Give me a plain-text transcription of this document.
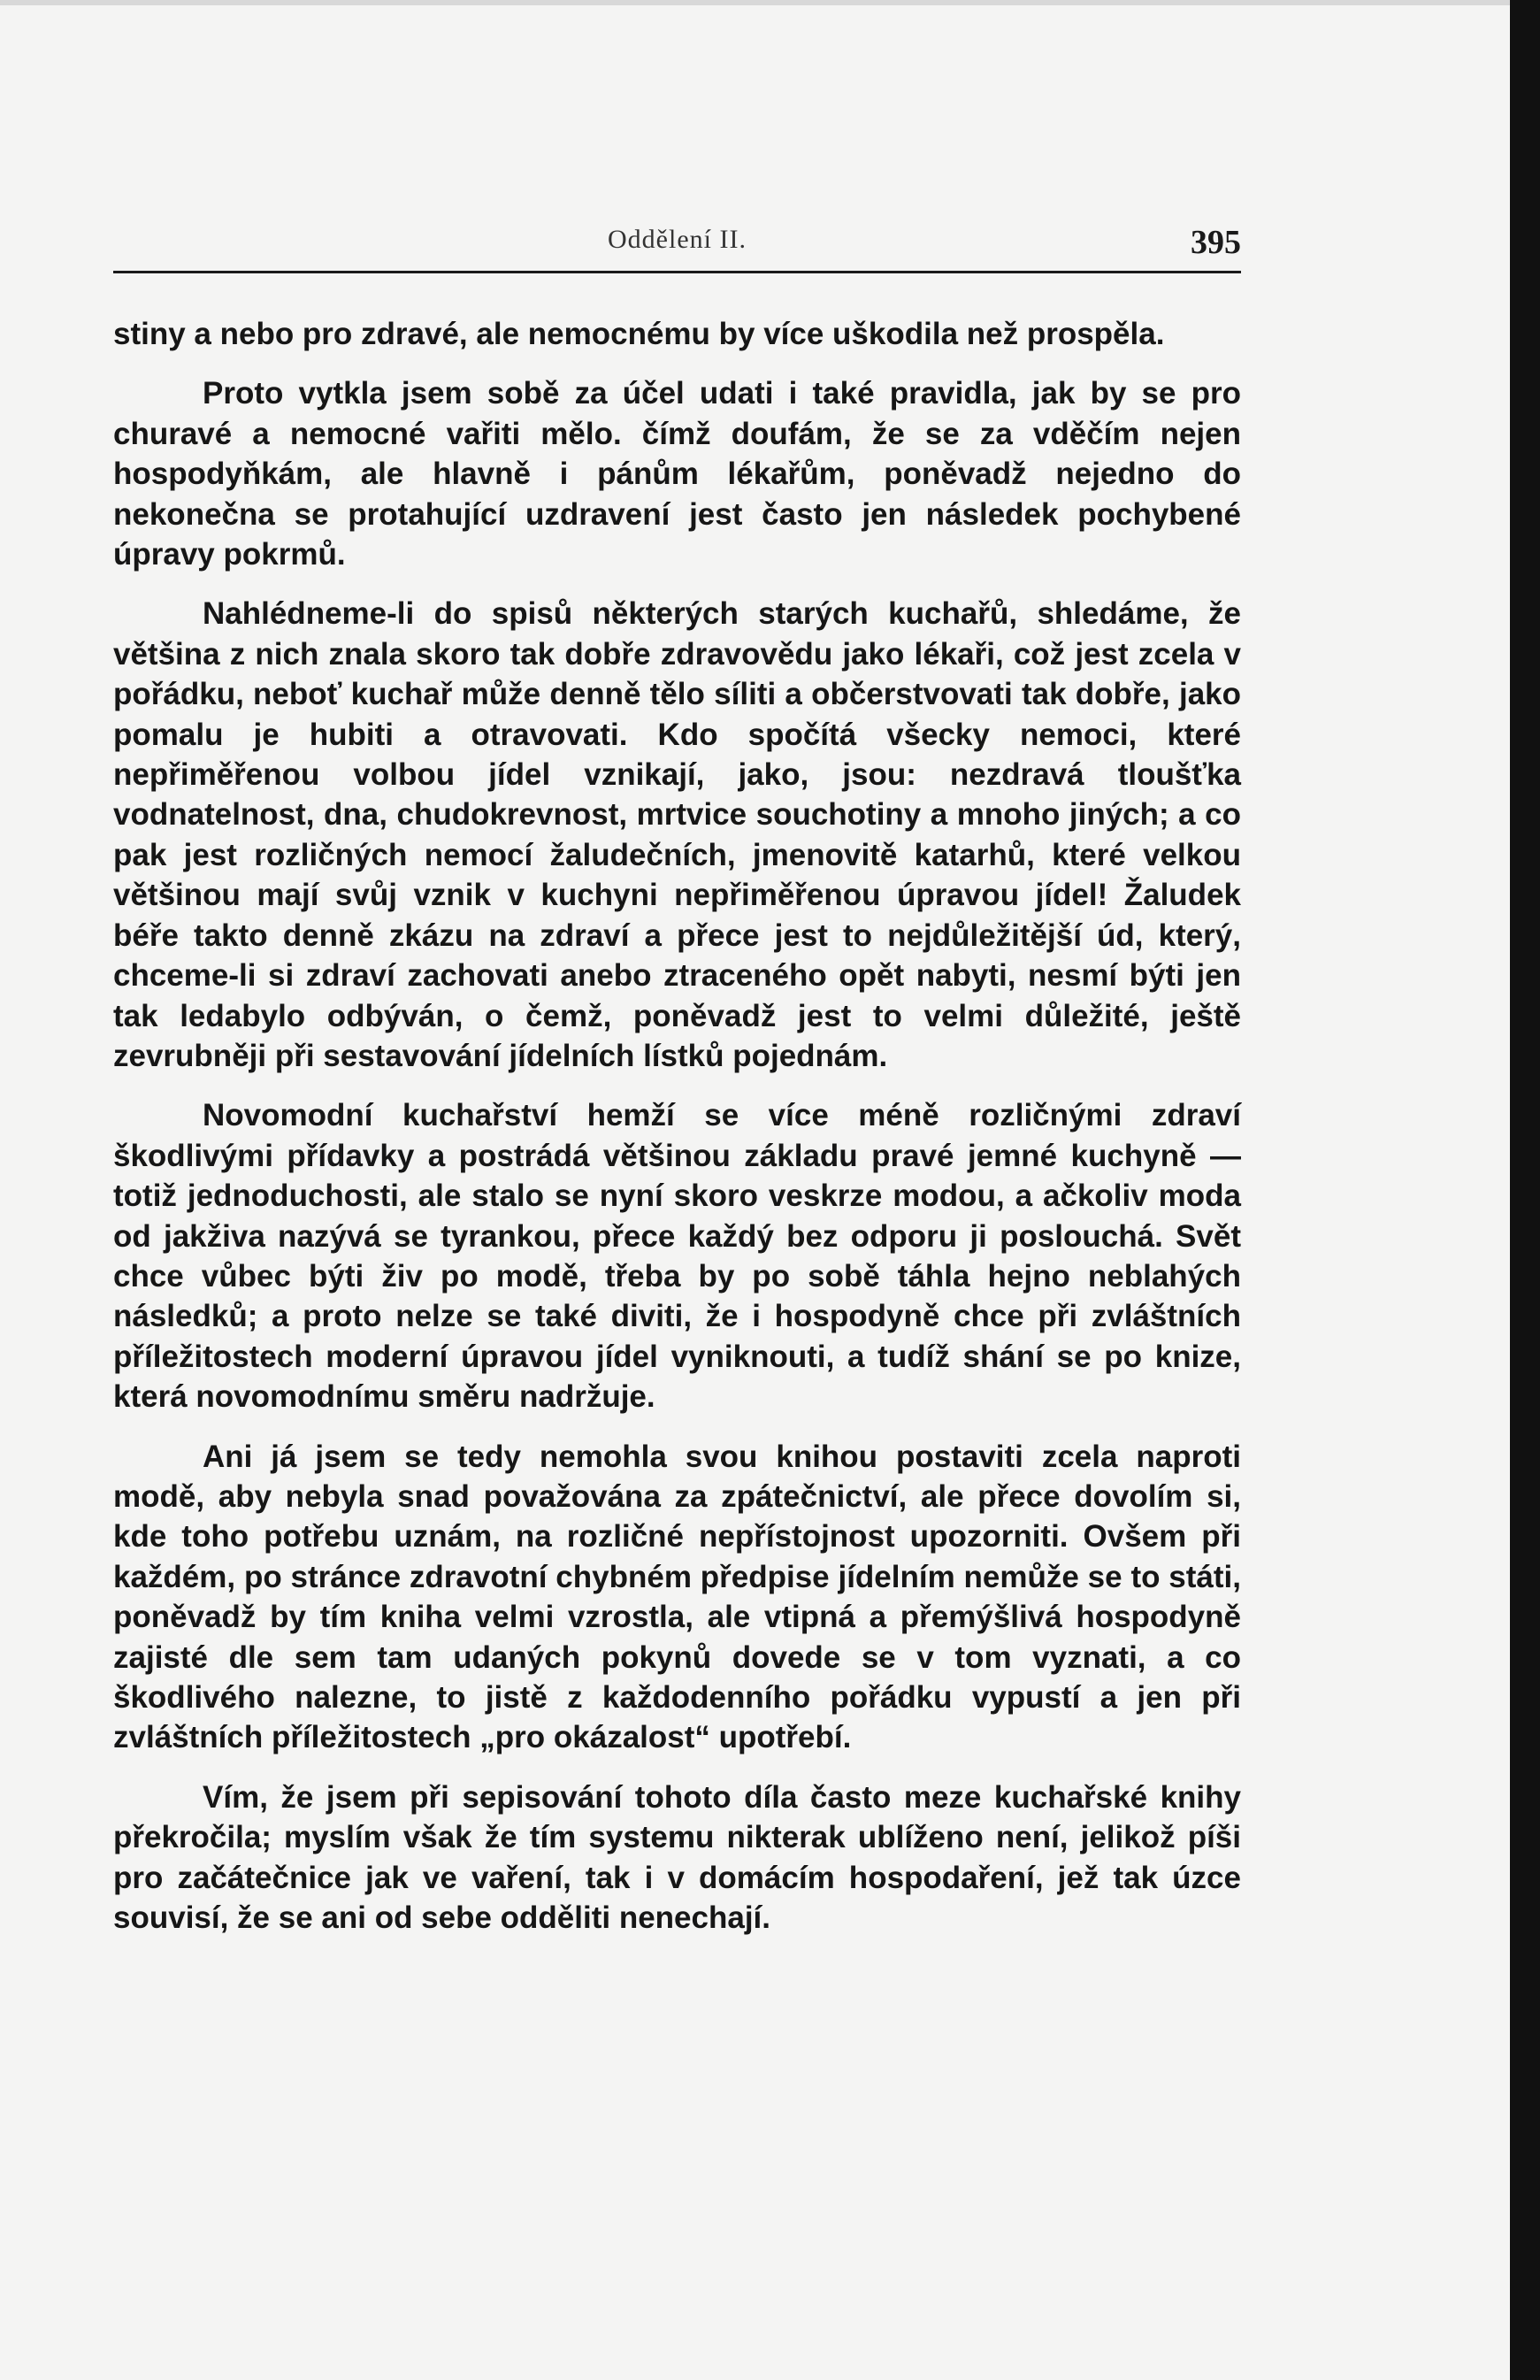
Oddělení II.	395

stiny a nebo pro zdravé, ale nemocnému by více uškodila než prospěla.

Proto vytkla jsem sobě za účel udati i také pravidla, jak by se pro churavé a nemocné vařiti mělo. čímž doufám, že se za vděčím nejen hospodyňkám, ale hlavně i pánům lékařům, poněvadž nejedno do nekonečna se protahující uzdravení jest často jen následek pochybené úpravy pokrmů.

Nahlédneme-li do spisů některých starých kuchařů, shledáme, že většina z nich znala skoro tak dobře zdravovědu jako lékaři, což jest zcela v pořádku, neboť kuchař může denně tělo síliti a občerstvovati tak dobře, jako pomalu je hubiti a otravovati. Kdo spočítá všecky nemoci, které nepřiměřenou volbou jídel vznikají, jako, jsou: nezdravá tloušťka vodnatelnost, dna, chudokrevnost, mrtvice souchotiny a mnoho jiných; a co pak jest rozličných nemocí žaludečních, jmenovitě katarhů, které velkou většinou mají svůj vznik v kuchyni nepřiměřenou úpravou jídel! Žaludek béře takto denně zkázu na zdraví a přece jest to nejdůležitější úd, který, chceme-li si zdraví zachovati anebo ztraceného opět nabyti, nesmí býti jen tak ledabylo odbýván, o čemž, poněvadž jest to velmi důležité, ještě zevrubněji při sestavování jídelních lístků pojednám.

Novomodní kuchařství hemží se více méně rozličnými zdraví škodlivými přídavky a postrádá většinou základu pravé jemné kuchyně — totiž jednoduchosti, ale stalo se nyní skoro veskrze modou, a ačkoliv moda od jakživa nazývá se tyrankou, přece každý bez odporu ji poslouchá. Svět chce vůbec býti živ po modě, třeba by po sobě táhla hejno neblahých následků; a proto nelze se také diviti, že i hospodyně chce při zvláštních příležitostech moderní úpravou jídel vyniknouti, a tudíž shání se po knize, která novomodnímu směru nadržuje.

Ani já jsem se tedy nemohla svou knihou postaviti zcela naproti modě, aby nebyla snad považována za zpátečnictví, ale přece dovolím si, kde toho potřebu uznám, na rozličné nepřístojnost upozorniti. Ovšem při každém, po stránce zdravotní chybném předpise jídelním nemůže se to státi, poněvadž by tím kniha velmi vzrostla, ale vtipná a přemýšlivá hospodyně zajisté dle sem tam udaných pokynů dovede se v tom vyznati, a co škodlivého nalezne, to jistě z každodenního pořádku vypustí a jen při zvláštních příležitostech „pro okázalost“ upotřebí.

Vím, že jsem při sepisování tohoto díla často meze kuchařské knihy překročila; myslím však že tím systemu nikterak ublíženo není, jelikož píši pro začátečnice jak ve vaření, tak i v domácím hospodaření, jež tak úzce souvisí, že se ani od sebe odděliti nenechají.
